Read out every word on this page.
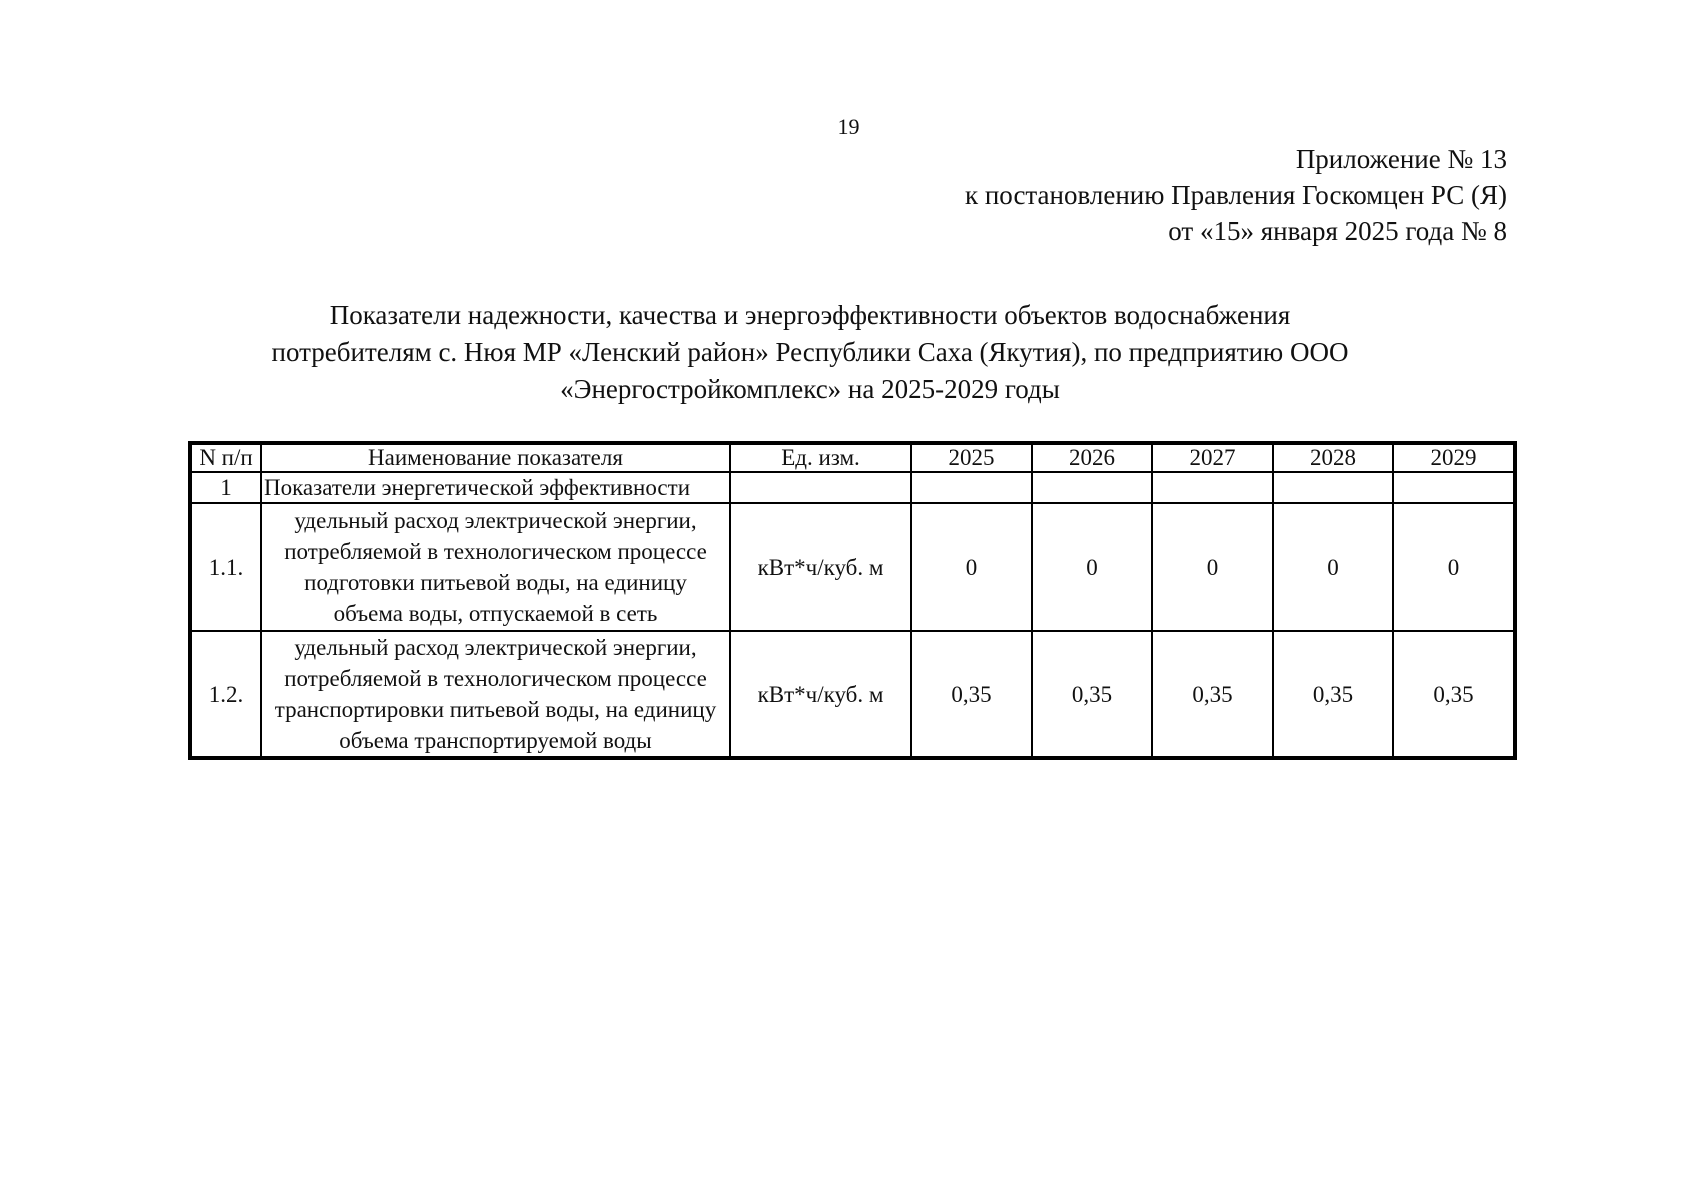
19
Приложение № 13
к постановлению Правления Госкомцен РС (Я)
от «15» января 2025 года № 8
Показатели надежности, качества и энергоэффективности объектов водоснабжения
потребителям с. Нюя МР «Ленский район» Республики Саха (Якутия), по предприятию ООО
«Энергостройкомплекс» на 2025-2029 годы
N п/п	Наименование показателя	Ед. изм.	2025	2026	2027	2028	2029
1	Показатели энергетической эффективности						
1.1.	удельный расход электрической энергии,
потребляемой в технологическом процессе
подготовки питьевой воды, на единицу
объема воды, отпускаемой в сеть	кВт*ч/куб. м	0	0	0	0	0
1.2.	удельный расход электрической энергии,
потребляемой в технологическом процессе
транспортировки питьевой воды, на единицу
объема транспортируемой воды	кВт*ч/куб. м	0,35	0,35	0,35	0,35	0,35
